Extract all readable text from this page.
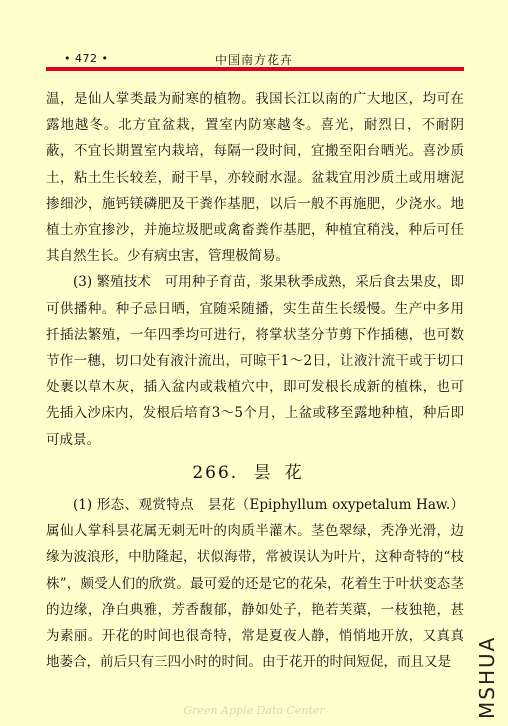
• 472 •	中国南方花卉

温，是仙人掌类最为耐寒的植物。我国长江以南的广大地区，均可在露地越冬。北方宜盆栽，置室内防寒越冬。喜光，耐烈日，不耐阴蔽，不宜长期置室内栽培，每隔一段时间，宜搬至阳台晒光。喜沙质土，粘土生长较差，耐干旱，亦较耐水湿。盆栽宜用沙质土或用塘泥掺细沙，施钙镁磷肥及干粪作基肥，以后一般不再施肥，少浇水。地植土亦宜掺沙，并施垃圾肥或禽畜粪作基肥，种植宜稍浅，种后可任其自然生长。少有病虫害，管理极简易。

(3) 繁殖技术　可用种子育苗，浆果秋季成熟，采后食去果皮，即可供播种。种子忌日晒，宜随采随播，实生苗生长缓慢。生产中多用扦插法繁殖，一年四季均可进行，将掌状茎分节剪下作插穗，也可数节作一穗，切口处有液汁流出，可晾干1～2日，让液汁流干或于切口处裹以草木灰，插入盆内或栽植穴中，即可发根长成新的植株，也可先插入沙床内，发根后培育3～5个月，上盆或移至露地种植，种后即可成景。

266. 昙花

(1) 形态、观赏特点　昙花（Epiphyllum oxypetalum Haw.）属仙人掌科昙花属无刺无叶的肉质半灌木。茎色翠绿，秃净光滑，边缘为波浪形，中肋隆起，状似海带，常被误认为叶片，这种奇特的“枝株”，颇受人们的欣赏。最可爱的还是它的花朵，花着生于叶状变态茎的边缘，净白典雅，芳香馥郁，静如处子，艳若芙蕖，一枝独艳，甚为素丽。开花的时间也很奇特，常是夏夜人静，悄悄地开放，又真真地萎合，前后只有三四小时的时间。由于花开的时间短促，而且又是	MSHUA
Green Apple Data Center
